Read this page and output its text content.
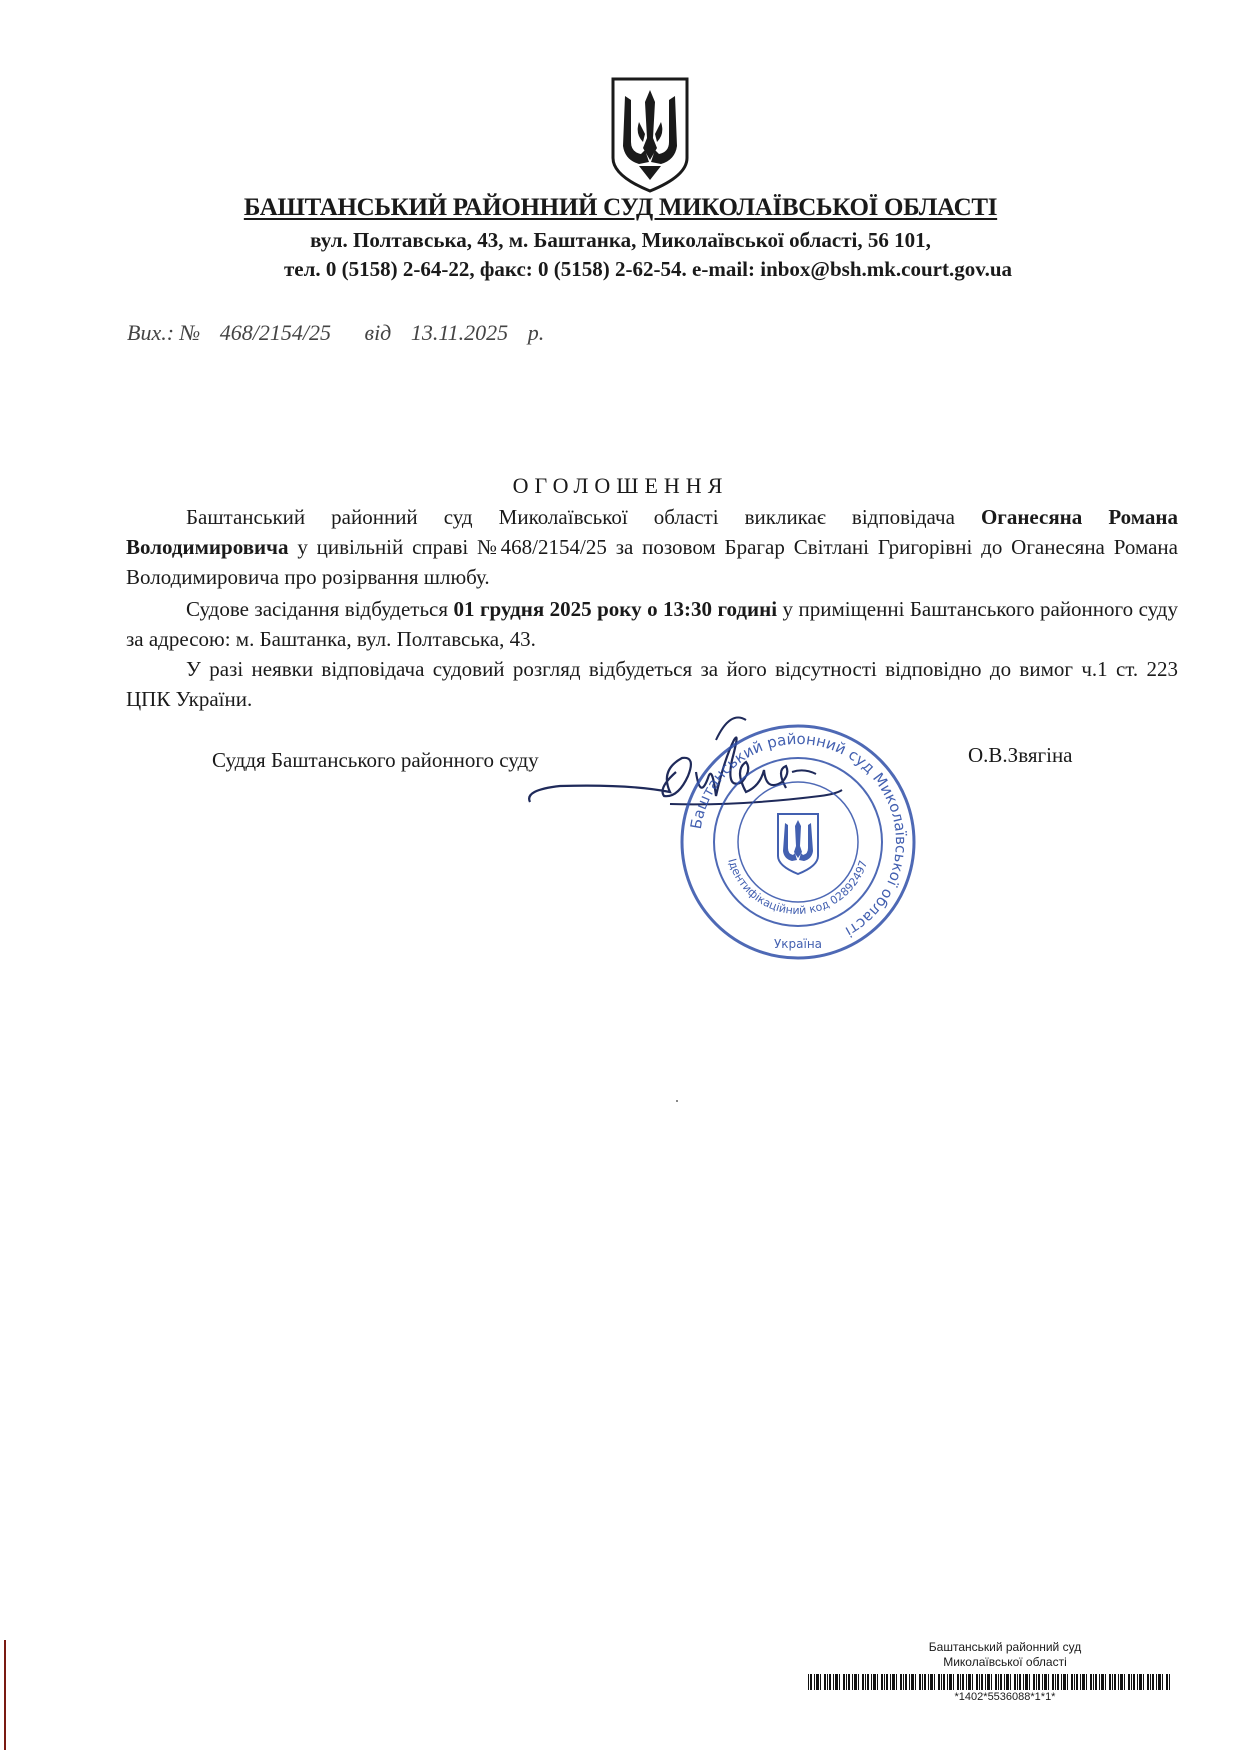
БАШТАНСЬКИЙ РАЙОННИЙ СУД МИКОЛАЇВСЬКОЇ ОБЛАСТІ
вул. Полтавська, 43, м. Баштанка, Миколаївської області, 56 101,
тел. 0 (5158) 2-64-22, факс: 0 (5158) 2-62-54. e-mail: inbox@bsh.mk.court.gov.ua
Вих.: № 468/2154/25 від 13.11.2025 р.
ОГОЛОШЕННЯ

Баштанський районний суд Миколаївської області викликає відповідача Оганесяна Романа Володимировича у цивільній справі №468/2154/25 за позовом Брагар Світлані Григорівні до Оганесяна Романа Володимировича про розірвання шлюбу.

Судове засідання відбудеться 01 грудня 2025 року о 13:30 годині у приміщенні Баштанського районного суду за адресою: м. Баштанка, вул. Полтавська, 43.

У разі неявки відповідача судовий розгляд відбудеться за його відсутності відповідно до вимог ч.1 ст. 223 ЦПК України.

Суддя Баштанського районного суду	О.В.Звягіна
Баштанський районний суд Миколаївської області
Ідентифікаційний код 02892497
Україна
Баштанський районний суд
Миколаївської області
*1402*5536088*1*1*
